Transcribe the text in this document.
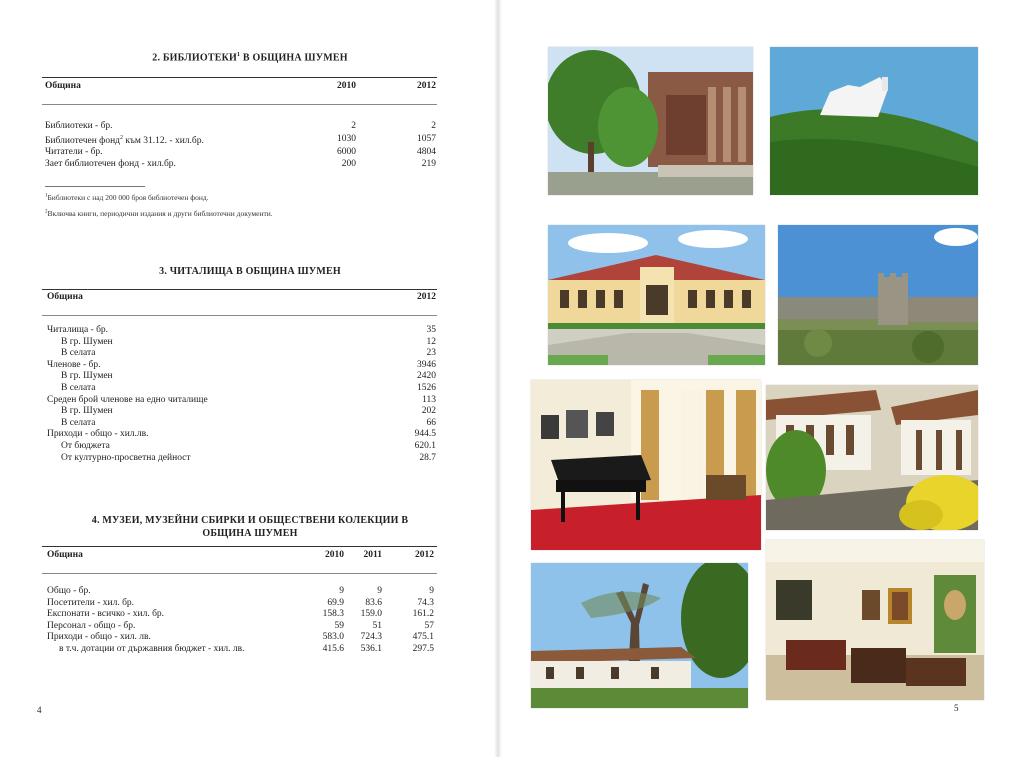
2. БИБЛИОТЕКИ$^1$ В ОБЩИНА ШУМЕН
Община	2010	2012
Библиотеки - бр.	2	2
Библиотечен фонд$^2$ към 31.12. - хил.бр.	1030	1057
Читатели - бр.	6000	4804
Зает библиотечен фонд - хил.бр.	200	219
$^1$Библиотеки с над 200 000 броя библиотечен фонд.
$^2$Включва книги, периодични издания и други библиотечни документи.
3. ЧИТАЛИЩА В ОБЩИНА ШУМЕН
Община	2012
Читалища - бр.	35
В гр. Шумен	12
В селата	23
Членове - бр.	3946
В гр. Шумен	2420
В селата	1526
Среден брой членове на едно читалище	113
В гр. Шумен	202
В селата	66
Приходи - общо - хил.лв.	944.5
От бюджета	620.1
От културно-просветна дейност	28.7
4. МУЗЕИ, МУЗЕЙНИ СБИРКИ И ОБЩЕСТВЕНИ КОЛЕКЦИИ В
ОБЩИНА ШУМЕН
Община	2010	2011	2012
Общо - бр.	9	9	9
Посетители - хил. бр.	69.9	83.6	74.3
Експонати - всичко - хил. бр.	158.3	159.0	161.2
Персонал - общо - бр.	59	51	57
Приходи - общо - хил. лв.	583.0	724.3	475.1
в т.ч. дотации от държавния бюджет - хил. лв.	415.6	536.1	297.5
4	5
